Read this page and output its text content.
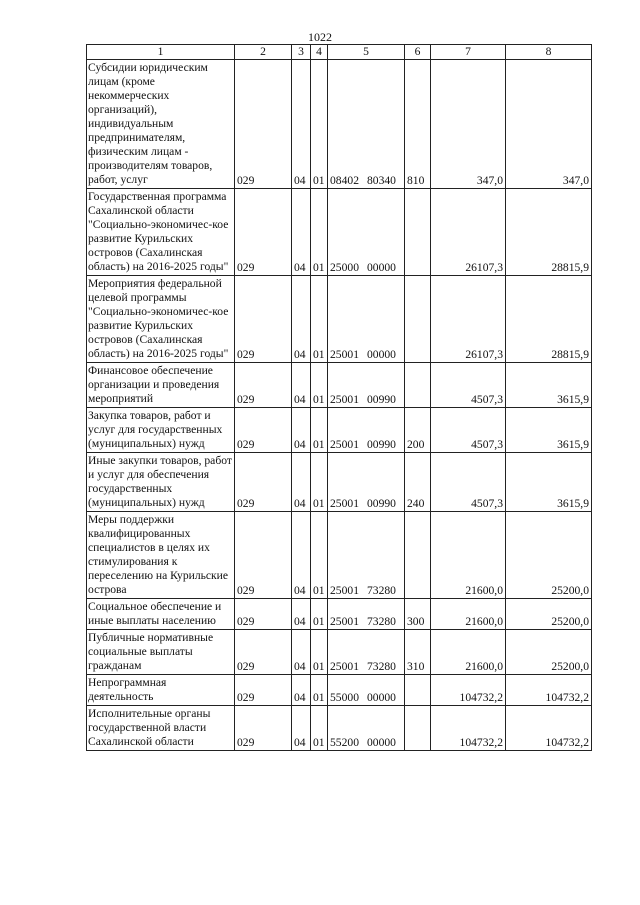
1022
1	2	3	4	5	6	7	8
Субсидии юридическим лицам (кроме некоммерческих организаций), индивидуальным предпринимателям, физическим лицам - производителям товаров, работ, услуг	029	04	01	08402 80340	810	347,0	347,0
Государственная программа Сахалинской области "Социально-экономичес-кое развитие Курильских островов (Сахалинская область) на 2016-2025 годы"	029	04	01	25000 00000		26107,3	28815,9
Мероприятия федеральной целевой программы "Социально-экономичес-кое развитие Курильских островов (Сахалинская область) на 2016-2025 годы"	029	04	01	25001 00000		26107,3	28815,9
Финансовое обеспечение организации и проведения мероприятий	029	04	01	25001 00990		4507,3	3615,9
Закупка товаров, работ и услуг для государственных (муниципальных) нужд	029	04	01	25001 00990	200	4507,3	3615,9
Иные закупки товаров, работ и услуг для обеспечения государственных (муниципальных) нужд	029	04	01	25001 00990	240	4507,3	3615,9
Меры поддержки квалифицированных специалистов в целях их стимулирования к переселению на Курильские острова	029	04	01	25001 73280		21600,0	25200,0
Социальное обеспечение и иные выплаты населению	029	04	01	25001 73280	300	21600,0	25200,0
Публичные нормативные социальные выплаты гражданам	029	04	01	25001 73280	310	21600,0	25200,0
Непрограммная деятельность	029	04	01	55000 00000		104732,2	104732,2
Исполнительные органы государственной власти Сахалинской области	029	04	01	55200 00000		104732,2	104732,2
